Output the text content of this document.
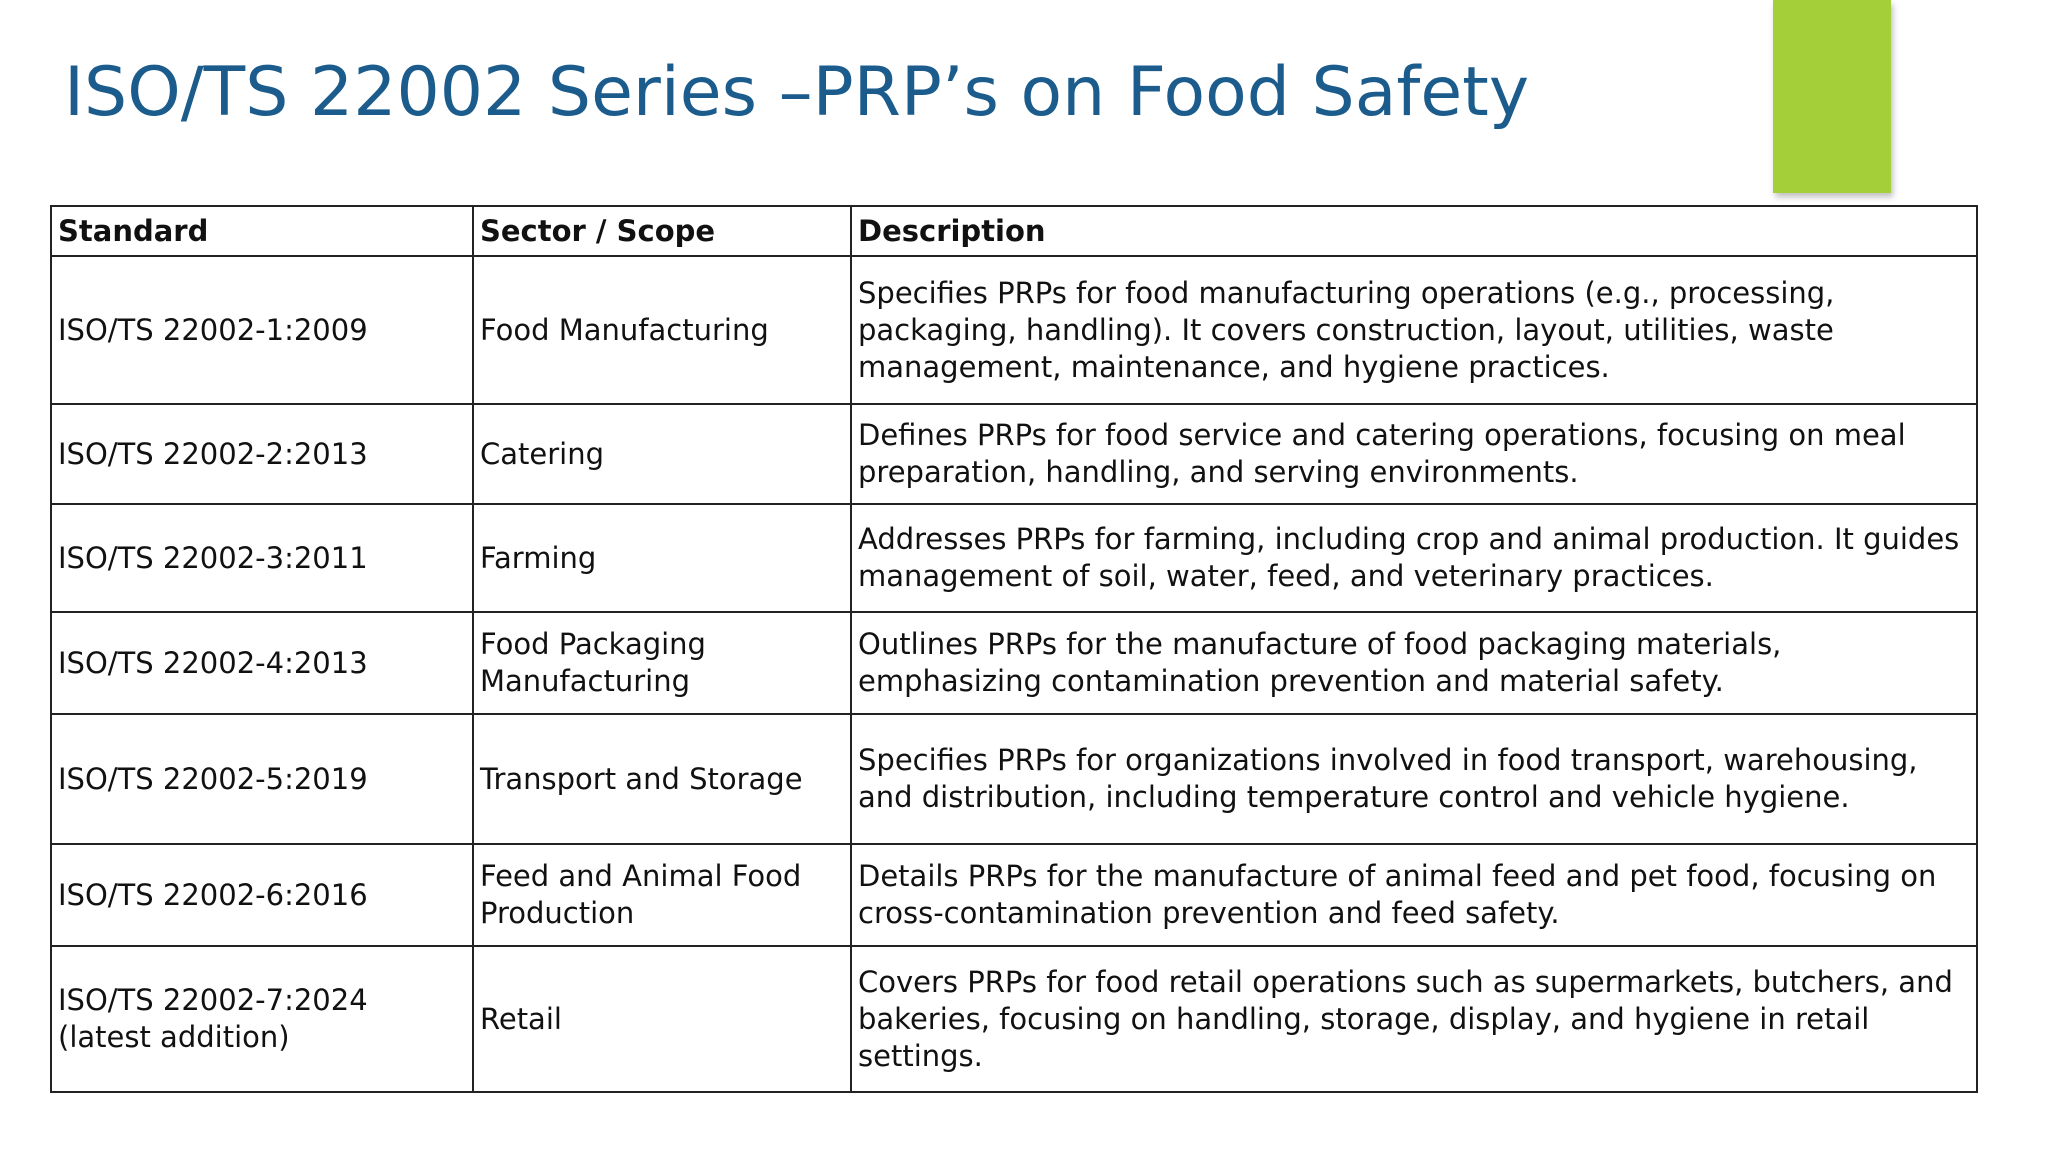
ISO/TS 22002 Series –PRP’s on Food Safety
Standard	Sector / Scope	Description
ISO/TS 22002-1:2009	Food Manufacturing	Specifies PRPs for food manufacturing operations (e.g., processing, packaging, handling). It covers construction, layout, utilities, waste management, maintenance, and hygiene practices.
ISO/TS 22002-2:2013	Catering	Defines PRPs for food service and catering operations, focusing on meal preparation, handling, and serving environments.
ISO/TS 22002-3:2011	Farming	Addresses PRPs for farming, including crop and animal production. It guides management of soil, water, feed, and veterinary practices.
ISO/TS 22002-4:2013	Food Packaging Manufacturing	Outlines PRPs for the manufacture of food packaging materials, emphasizing contamination prevention and material safety.
ISO/TS 22002-5:2019	Transport and Storage	Specifies PRPs for organizations involved in food transport, warehousing, and distribution, including temperature control and vehicle hygiene.
ISO/TS 22002-6:2016	Feed and Animal Food Production	Details PRPs for the manufacture of animal feed and pet food, focusing on cross-contamination prevention and feed safety.
ISO/TS 22002-7:2024 (latest addition)	Retail	Covers PRPs for food retail operations such as supermarkets, butchers, and bakeries, focusing on handling, storage, display, and hygiene in retail settings.
